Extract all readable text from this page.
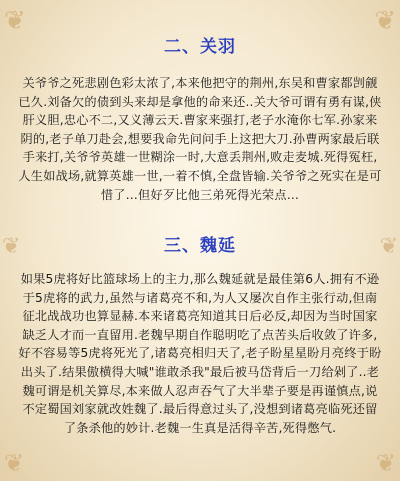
❦	❦
❦	❦
❦	❦
二、关羽
关爷爷之死悲剧色彩太浓了,本来他把守的荆州,东吴和曹家都剀觎已久.刘备欠的债到头来却是拿他的命来还..关大爷可谓有勇有谋,侠肝义胆,忠心不二,又义薄云天.曹家来强打,老子水淹你七军.孙家来阴的,老子单刀赴会,想要我命先问问手上这把大刀.孙曹两家最后联手来打,关爷爷英雄一世糊涂一时,大意丢荆州,败走麦城.死得冤枉,人生如战场,就算英雄一世,一着不慎,全盘皆输.关爷爷之死实在是可惜了…但好歹比他三弟死得光荣点…
三、魏延
如果5虎将好比篮球场上的主力,那么魏延就是最佳第6人.拥有不逊于5虎将的武力,虽然与诸葛亮不和,为人又屡次自作主张行动,但南征北战战功也算显赫.本来诸葛亮知道其日后必反,却因为当时国家缺乏人才而一直留用.老魏早期自作聪明吃了点苦头后收敛了许多,好不容易等5虎将死光了,诸葛亮相归天了,老子盼星星盼月亮终于盼出头了.结果傲横得大喊"谁敢杀我"最后被马岱背后一刀给剁了..老魏可谓是机关算尽,本来做人忍声吞气了大半辈子要是再谨慎点,说不定蜀国刘家就改姓魏了.最后得意过头了,没想到诸葛亮临死还留了条杀他的妙计.老魏一生真是活得辛苦,死得憋气.
